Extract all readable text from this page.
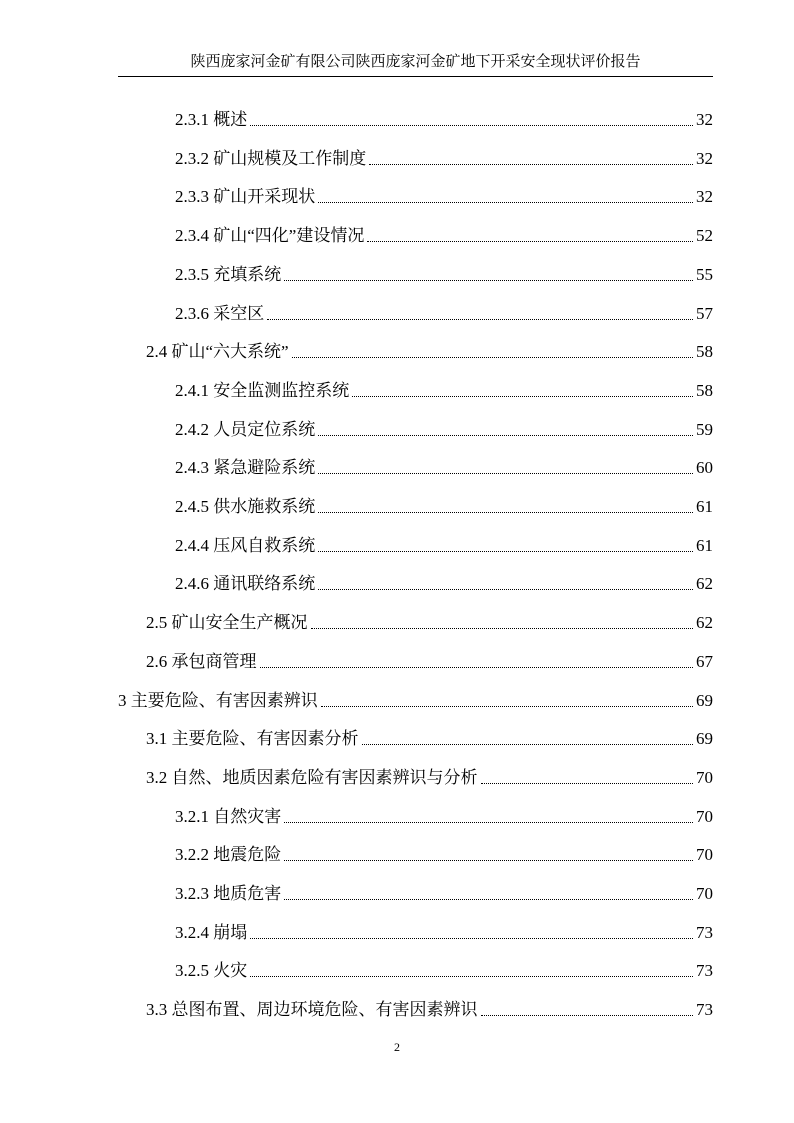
陕西庞家河金矿有限公司陕西庞家河金矿地下开采安全现状评价报告
2.3.1 概述	32
2.3.2 矿山规模及工作制度	32
2.3.3 矿山开采现状	32
2.3.4 矿山“四化”建设情况	52
2.3.5 充填系统	55
2.3.6 采空区	57
2.4 矿山“六大系统”	58
2.4.1 安全监测监控系统	58
2.4.2 人员定位系统	59
2.4.3 紧急避险系统	60
2.4.5 供水施救系统	61
2.4.4 压风自救系统	61
2.4.6 通讯联络系统	62
2.5 矿山安全生产概况	62
2.6 承包商管理	67
3 主要危险、有害因素辨识	69
3.1 主要危险、有害因素分析	69
3.2 自然、地质因素危险有害因素辨识与分析	70
3.2.1 自然灾害	70
3.2.2 地震危险	70
3.2.3 地质危害	70
3.2.4 崩塌	73
3.2.5 火灾	73
3.3 总图布置、周边环境危险、有害因素辨识	73
2
